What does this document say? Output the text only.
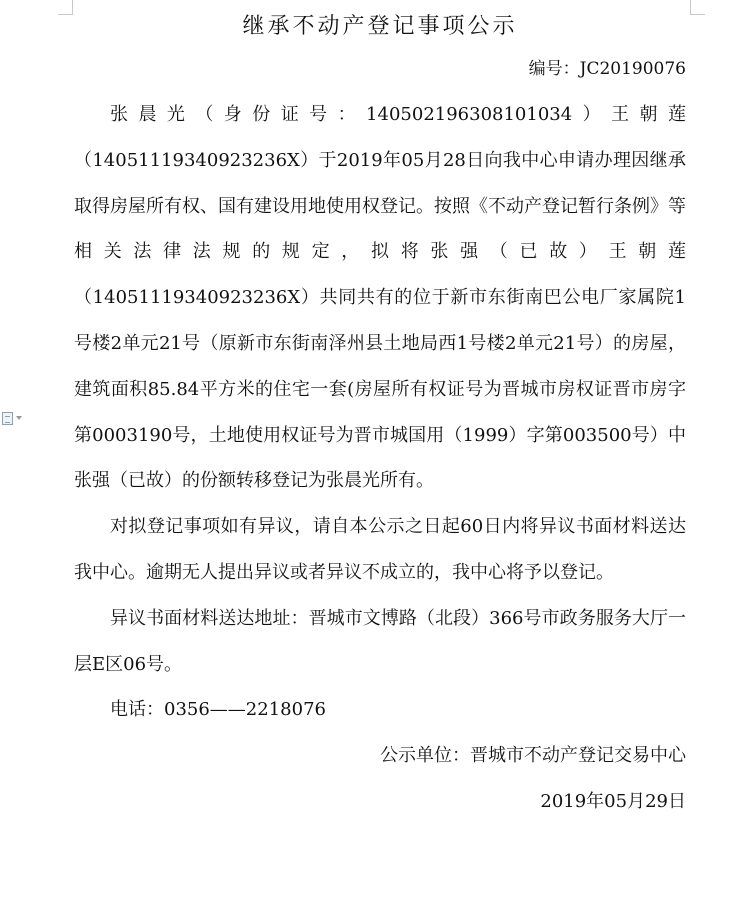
继承不动产登记事项公示

编号：JC20190076

张晨光（身份证号：140502196308101034）王朝莲（14051119340923236X）于2019年05月28日向我中心申请办理因继承取得房屋所有权、国有建设用地使用权登记。按照《不动产登记暂行条例》等相关法律法规的规定，拟将张强（已故）王朝莲（14051119340923236X）共同共有的位于新市东街南巴公电厂家属院1号楼2单元21号（原新市东街南泽州县土地局西1号楼2单元21号）的房屋，建筑面积85.84平方米的住宅一套(房屋所有权证号为晋城市房权证晋市房字第0003190号，土地使用权证号为晋市城国用（1999）字第003500号）中张强（已故）的份额转移登记为张晨光所有。

对拟登记事项如有异议，请自本公示之日起60日内将异议书面材料送达我中心。逾期无人提出异议或者异议不成立的，我中心将予以登记。

异议书面材料送达地址：晋城市文博路（北段）366号市政务服务大厅一层E区06号。

电话：0356——2218076

公示单位：晋城市不动产登记交易中心

2019年05月29日
